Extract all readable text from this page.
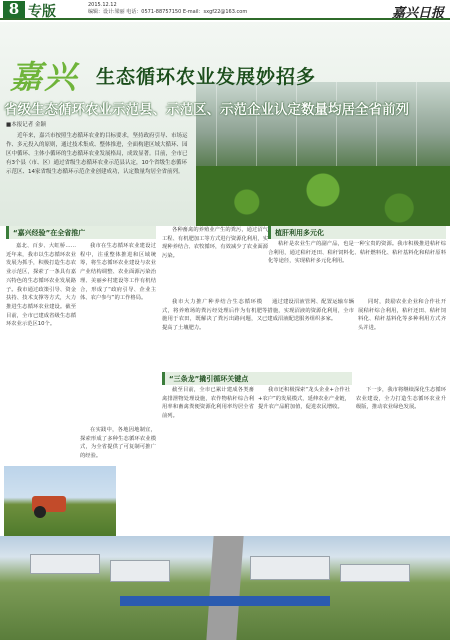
8 专版	2015.12.12
编辑：设计:梁丽 电话：0571-88757150 E-mail：sxgf22@163.com	嘉兴日报
嘉兴 生态循环农业发展妙招多
省级生态循环农业示范县、示范区、示范企业认定数量均居全省前列
■本报记者 金颖
近年来，嘉兴市按照生态循环农业的目标要求，坚持政府引导、市场运作、多元投入的原则，通过技术集成、整体推进，全面构建区域大循环、园区中循环、主体小循环的生态循环农业发展格局，成效显著。目前，全市已有3个县（市、区）通过省级生态循环农业示范县认定，10个省级生态循环示范区、14家省级生态循环示范企业创建成功，认定数量均居全省前列。
“嘉兴经验”在全省推广	植肝利用多元化
“三条龙”撬引循环关键点

嘉北、百步、大虹桥……近年来，我市以生态循环农业发展为抓手，积极打造生态农业示范区，探索了一条具有嘉兴特色的生态循环农业发展路子。我市通过政策引导、资金扶持、技术支撑等方式，大力推进生态循环农业建设。截至目前，全市已建成省级生态循环农业示范区10个。

我市在生态循环农业建设过程中，注重整体推进和区域统筹，将生态循环农业建设与农业产业结构调整、农业面源污染治理、美丽乡村建设等工作有机结合，形成了“政府引导、企业主体、农户参与”的工作格局。

各种畜禽的养殖业产生的粪污，通过沼气工程、有机肥加工等方式进行资源化利用，实现种养结合、农牧循环，有效减少了农业面源污染。

秸秆是农业生产的副产品，也是一种宝贵的资源。我市积极推进秸秆综合利用，通过秸秆还田、秸秆饲料化、秸秆燃料化、秸秆基料化和秸秆原料化等途径，实现秸秆多元化利用。

我市大力推广种养结合生态循环模式，将养殖场的粪污经处理后作为有机肥施用于农田，既解决了粪污出路问题，又提高了土壤肥力。

通过建设沼液管网、配置运输车辆等措施，实现沼液的资源化利用，全市已建成沼液配送服务组织多家。

同时，鼓励农业企业和合作社开展秸秆综合利用，秸秆还田、秸秆饲料化、秸秆基料化等多种利用方式齐头并进。

截至目前，全市已累计建成各类畜禽排泄物处理设施，农作物秸秆综合利用率和畜禽粪便资源化利用率均居全省前列。

我市还积极探索“龙头企业+合作社+农户”的发展模式，延伸农业产业链，提升农产品附加值，促进农民增收。

下一步，我市将继续深化生态循环农业建设，全力打造生态循环农业升级版，推动农业绿色发展。

在实践中，各地因地制宜，探索形成了多种生态循环农业模式，为全省提供了可复制可推广的经验。
